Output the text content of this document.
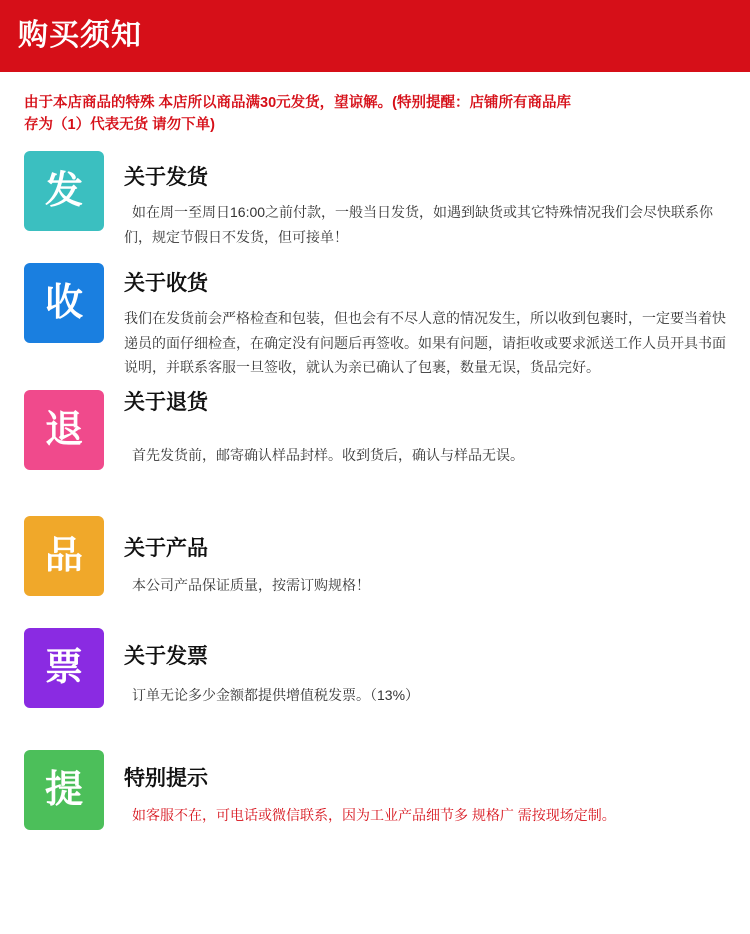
购买须知
由于本店商品的特殊 本店所以商品满30元发货，望谅解。(特别提醒：店铺所有商品库存为（1）代表无货 请勿下单)
发	关于发货
如在周一至周日16:00之前付款，一般当日发货，如遇到缺货或其它特殊情况我们会尽快联系你们，规定节假日不发货，但可接单！
收	关于收货
我们在发货前会严格检查和包装，但也会有不尽人意的情况发生，所以收到包裹时，一定要当着快递员的面仔细检查，在确定没有问题后再签收。如果有问题，请拒收或要求派送工作人员开具书面说明，并联系客服一旦签收，就认为亲已确认了包裹，数量无误，货品完好。
退
关于退货
首先发货前，邮寄确认样品封样。收到货后，确认与样品无误。
品	关于产品
本公司产品保证质量，按需订购规格！
票	关于发票
订单无论多少金额都提供增值税发票。（13%）
提	特别提示
如客服不在，可电话或微信联系，因为工业产品细节多 规格广 需按现场定制。
